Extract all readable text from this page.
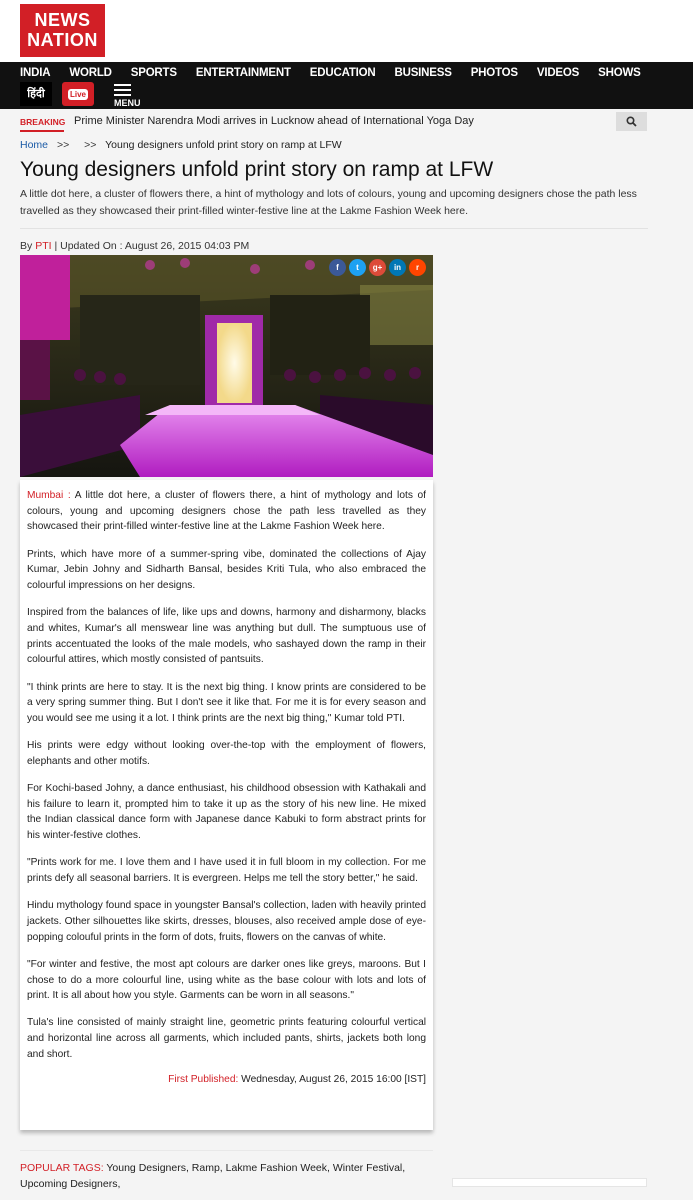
NEWS
NATION
INDIA WORLD SPORTS ENTERTAINMENT EDUCATION BUSINESS PHOTOS VIDEOS SHOWS
हिंदी	Live
MENU
BREAKING Prime Minister Narendra Modi arrives in Lucknow ahead of International Yoga Day
Home >> >> Young designers unfold print story on ramp at LFW
Young designers unfold print story on ramp at LFW
A little dot here, a cluster of flowers there, a hint of mythology and lots of colours, young and upcoming designers chose the path less travelled as they showcased their print-filled winter-festive line at the Lakme Fashion Week here.
By PTI | Updated On : August 26, 2015 04:03 PM
f	t	g+	in	r

Mumbai : A little dot here, a cluster of flowers there, a hint of mythology and lots of colours, young and upcoming designers chose the path less travelled as they showcased their print-filled winter-festive line at the Lakme Fashion Week here.

Prints, which have more of a summer-spring vibe, dominated the collections of Ajay Kumar, Jebin Johny and Sidharth Bansal, besides Kriti Tula, who also embraced the colourful impressions on her designs.

Inspired from the balances of life, like ups and downs, harmony and disharmony, blacks and whites, Kumar's all menswear line was anything but dull. The sumptuous use of prints accentuated the looks of the male models, who sashayed down the ramp in their colourful attires, which mostly consisted of pantsuits.

"I think prints are here to stay. It is the next big thing. I know prints are considered to be a very spring summer thing. But I don't see it like that. For me it is for every season and you would see me using it a lot. I think prints are the next big thing," Kumar told PTI.

His prints were edgy without looking over-the-top with the employment of flowers, elephants and other motifs.

For Kochi-based Johny, a dance enthusiast, his childhood obsession with Kathakali and his failure to learn it, prompted him to take it up as the story of his new line. He mixed the Indian classical dance form with Japanese dance Kabuki to form abstract prints for his winter-festive clothes.

"Prints work for me. I love them and I have used it in full bloom in my collection. For me prints defy all seasonal barriers. It is evergreen. Helps me tell the story better," he said.

Hindu mythology found space in youngster Bansal's collection, laden with heavily printed jackets. Other silhouettes like skirts, dresses, blouses, also received ample dose of eye-popping colouful prints in the form of dots, fruits, flowers on the canvas of white.

"For winter and festive, the most apt colours are darker ones like greys, maroons. But I chose to do a more colourful line, using white as the base colour with lots and lots of print. It is all about how you style. Garments can be worn in all seasons."

Tula's line consisted of mainly straight line, geometric prints featuring colourful vertical and horizontal line across all garments, which included pants, shirts, jackets both long and short.

First Published: Wednesday, August 26, 2015 16:00 [IST]
POPULAR TAGS: Young Designers, Ramp, Lakme Fashion Week, Winter Festival, Upcoming Designers,
